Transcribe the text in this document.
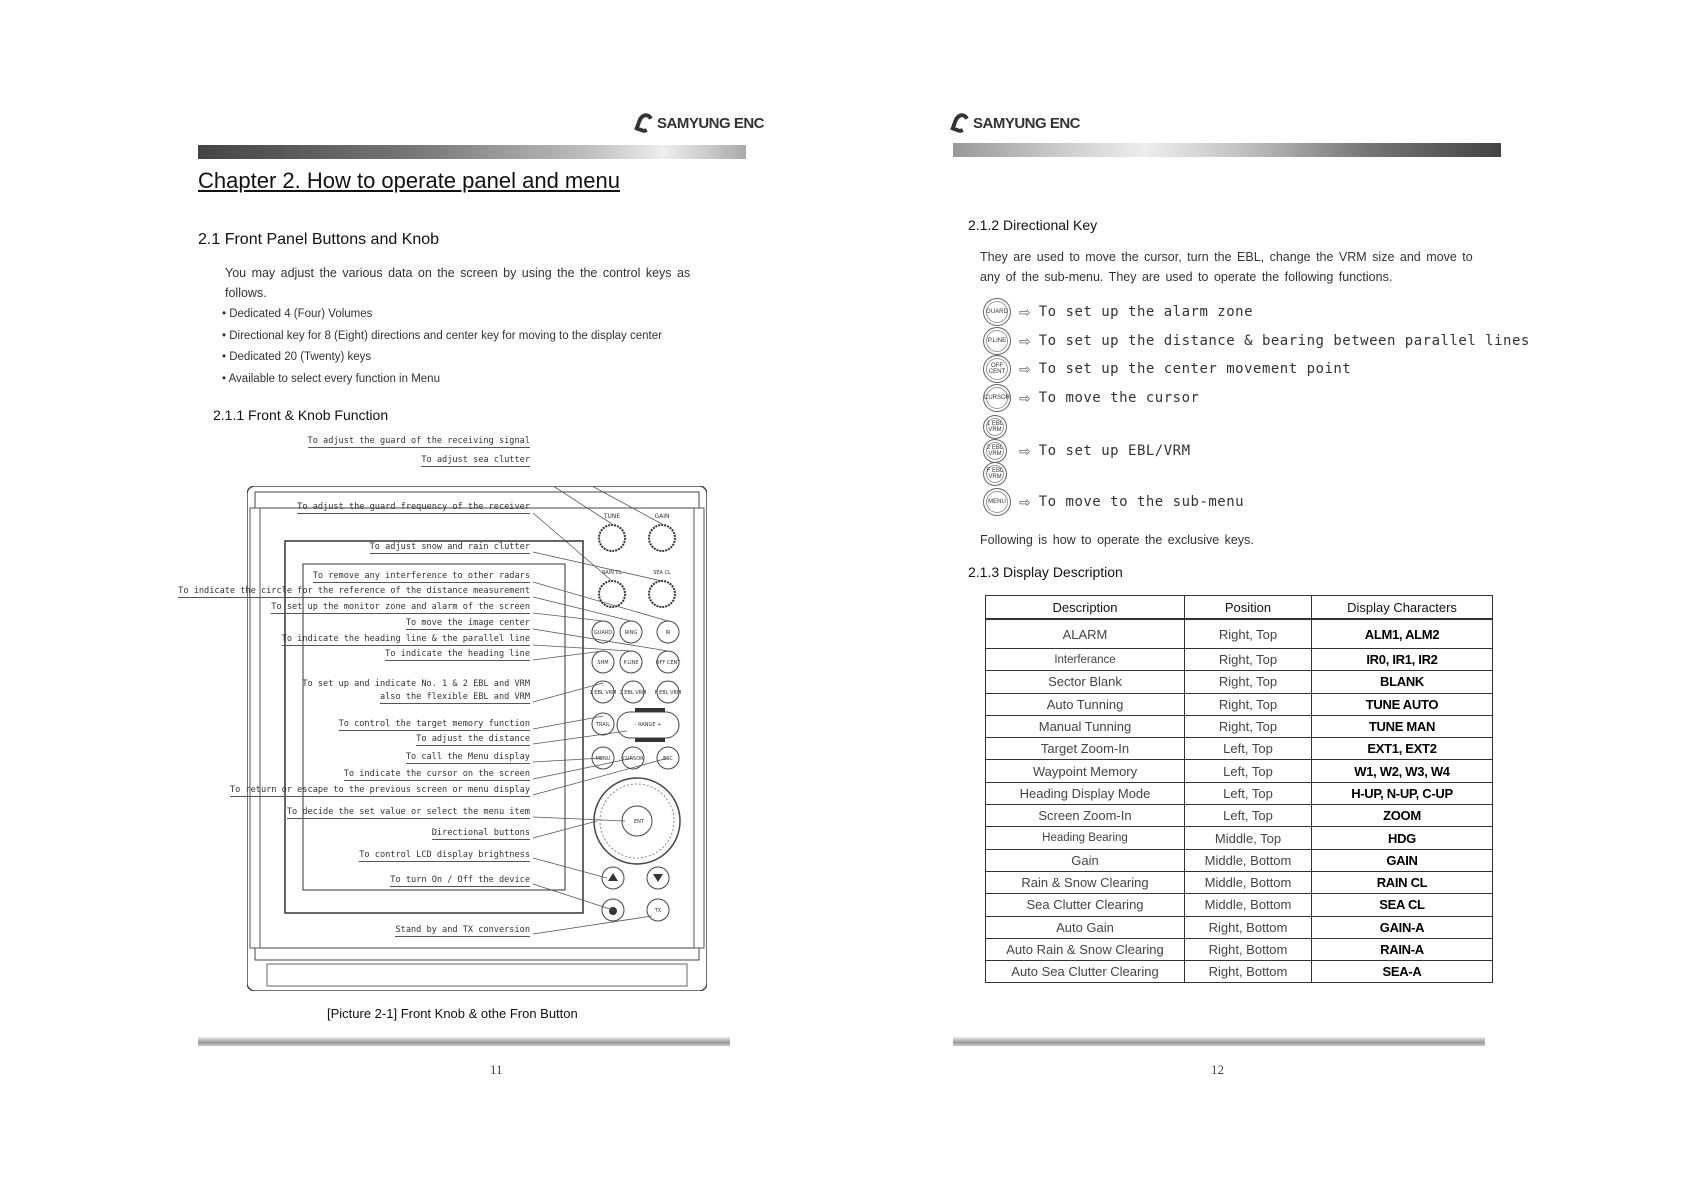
SAMYUNG ENC
Chapter 2. How to operate panel and menu
2.1 Front Panel Buttons and Knob
You may adjust the various data on the screen by using the the control keys as follows.
• Dedicated 4 (Four) Volumes
• Directional key for 8 (Eight) directions and center key for moving to the display center
• Dedicated 20 (Twenty) keys
• Available to select every function in Menu
2.1.1 Front & Knob Function
TUNE	GAIN
RAIN CL	SEA CL
GUARD	RING	IR
SHM	P.LINE	OFF CENT
1 EBL VRM 2 EBL VRM F EBL VRM
TRAIL	- RANGE +
MENU CURSOR	ESC
ENT
TX
To adjust the guard of the receiving signal
To adjust sea clutter
To adjust the guard frequency of the receiver
To adjust snow and rain clutter
To remove any interference to other radars
To indicate the circle for the reference of the distance measurement
To set up the monitor zone and alarm of the screen
To move the image center
To indicate the heading line & the parallel line
To indicate the heading line
To set up and indicate No. 1 & 2 EBL and VRM
also the flexible EBL and VRM
To control the target memory function
To adjust the distance
To call the Menu display
To indicate the cursor on the screen
To return or escape to the previous screen or menu display
To decide the set value or select the menu item
Directional buttons
To control LCD display brightness
To turn On / Off the device
Stand by and TX conversion
[Picture 2-1] Front Knob & othe Fron Button
11
SAMYUNG ENC
2.1.2 Directional Key
They are used to move the cursor, turn the EBL, change the VRM size and move to any of the sub-menu. They are used to operate the following functions.
GUARD ⇨ To set up the alarm zone
P.LINE ⇨ To set up the distance & bearing between parallel lines
OFF CENT ⇨ To set up the center movement point
CURSOR ⇨ To move the cursor
1 EBL VRM
2 EBL VRM	⇨ To set up EBL/VRM
F EBL VRM
MENU ⇨ To move to the sub-menu
Following is how to operate the exclusive keys.
2.1.3 Display Description
12
Description	Position	Display Characters
ALARM	Right, Top	ALM1, ALM2
Interferance	Right, Top	IR0, IR1, IR2
Sector Blank	Right, Top	BLANK
Auto Tunning	Right, Top	TUNE AUTO
Manual Tunning	Right, Top	TUNE MAN
Target Zoom-In	Left, Top	EXT1, EXT2
Waypoint Memory	Left, Top	W1, W2, W3, W4
Heading Display Mode	Left, Top	H-UP, N-UP, C-UP
Screen Zoom-In	Left, Top	ZOOM
Heading Bearing	Middle, Top	HDG
Gain	Middle, Bottom	GAIN
Rain & Snow Clearing	Middle, Bottom	RAIN CL
Sea Clutter Clearing	Middle, Bottom	SEA CL
Auto Gain	Right, Bottom	GAIN-A
Auto Rain & Snow Clearing	Right, Bottom	RAIN-A
Auto Sea Clutter Clearing	Right, Bottom	SEA-A
